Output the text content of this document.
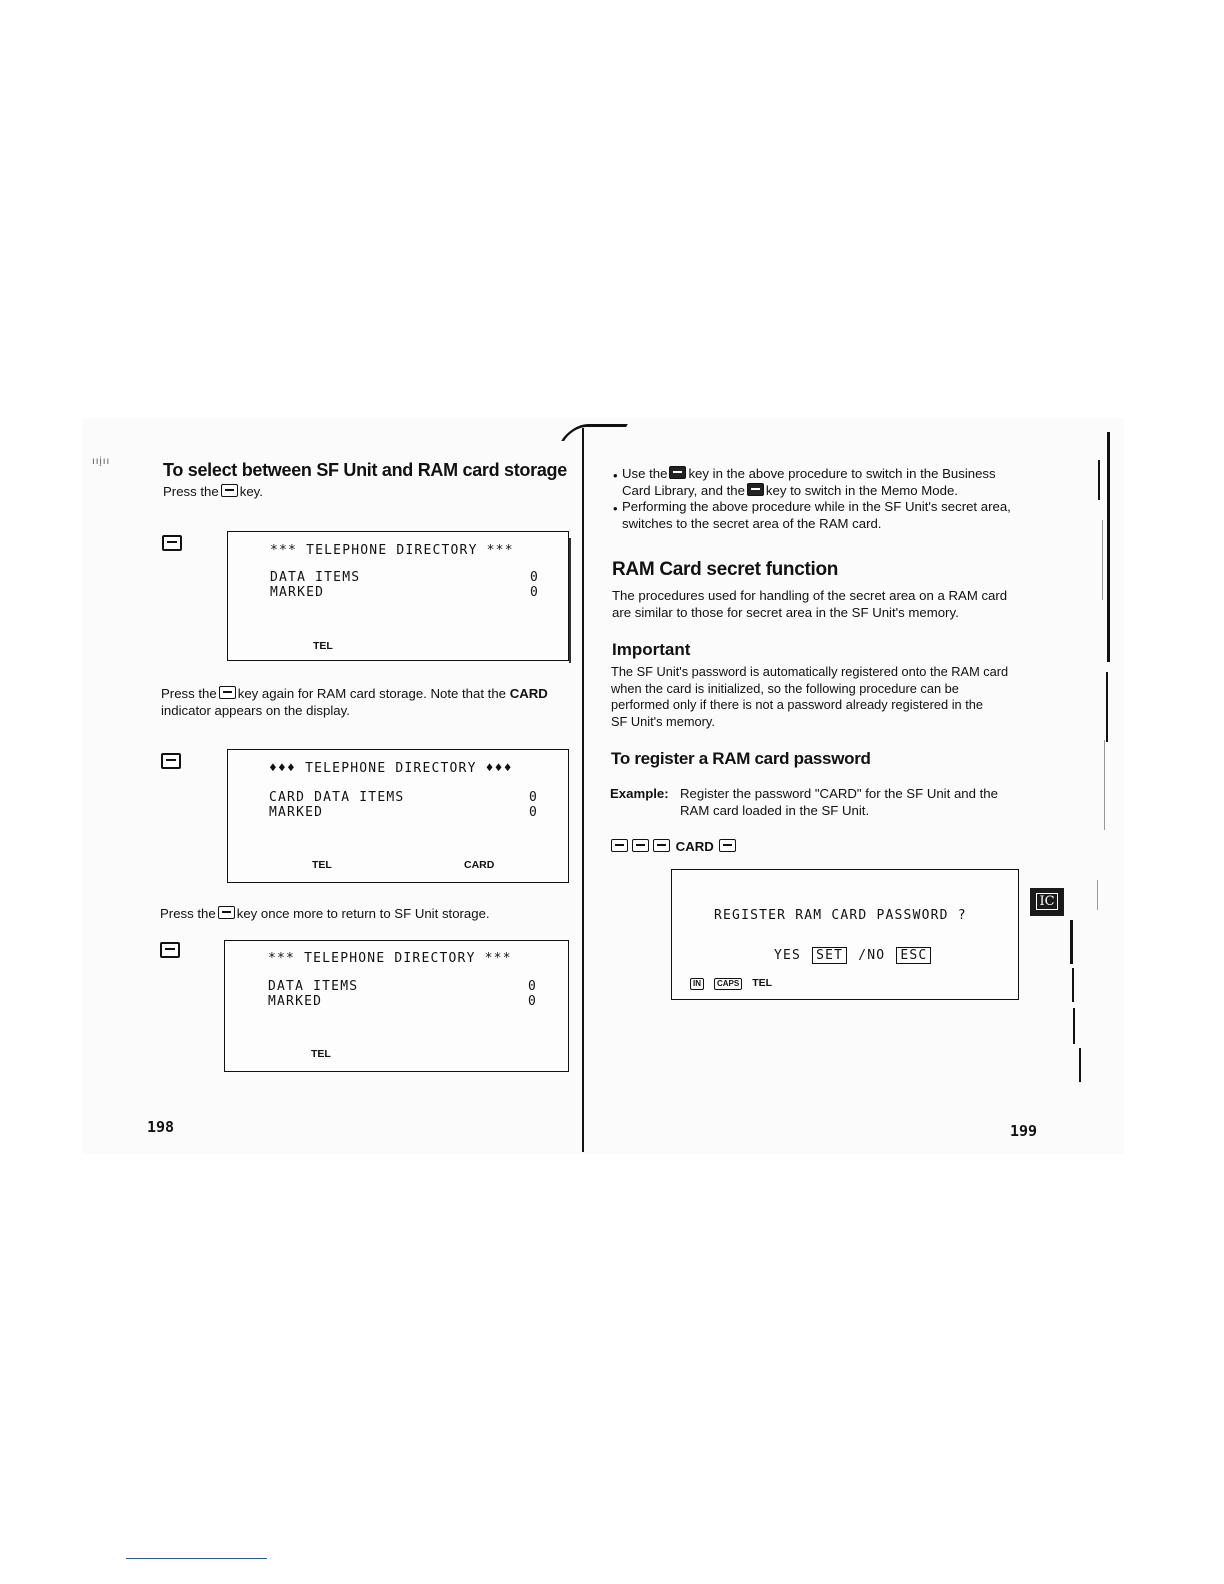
ııįıı	To select between SF Unit and RAM card storage

Press the key.

*** TELEPHONE DIRECTORY ***
DATA ITEMS	0
MARKED	0
TEL

Press the key again for RAM card storage. Note that the CARD
indicator appears on the display.

♦♦♦ TELEPHONE DIRECTORY ♦♦♦
CARD DATA ITEMS	0
MARKED	0
TEL	CARD

Press the key once more to return to SF Unit storage.

*** TELEPHONE DIRECTORY ***
DATA ITEMS	0
MARKED	0
TEL
198
• Use the key in the above procedure to switch in the Business
Card Library, and the key to switch in the Memo Mode.

• Performing the above procedure while in the SF Unit's secret area,
switches to the secret area of the RAM card.

RAM Card secret function

The procedures used for handling of the secret area on a RAM card
are similar to those for secret area in the SF Unit's memory.

Important

The SF Unit's password is automatically registered onto the RAM card
when the card is initialized, so the following procedure can be
performed only if there is not a password already registered in the
SF Unit's memory.

To register a RAM card password

Example: Register the password "CARD" for the SF Unit and the
RAM card loaded in the SF Unit.

CARD

REGISTER RAM CARD PASSWORD ?
YES SET /NO ESC
IN CAPS TEL
IC
199
